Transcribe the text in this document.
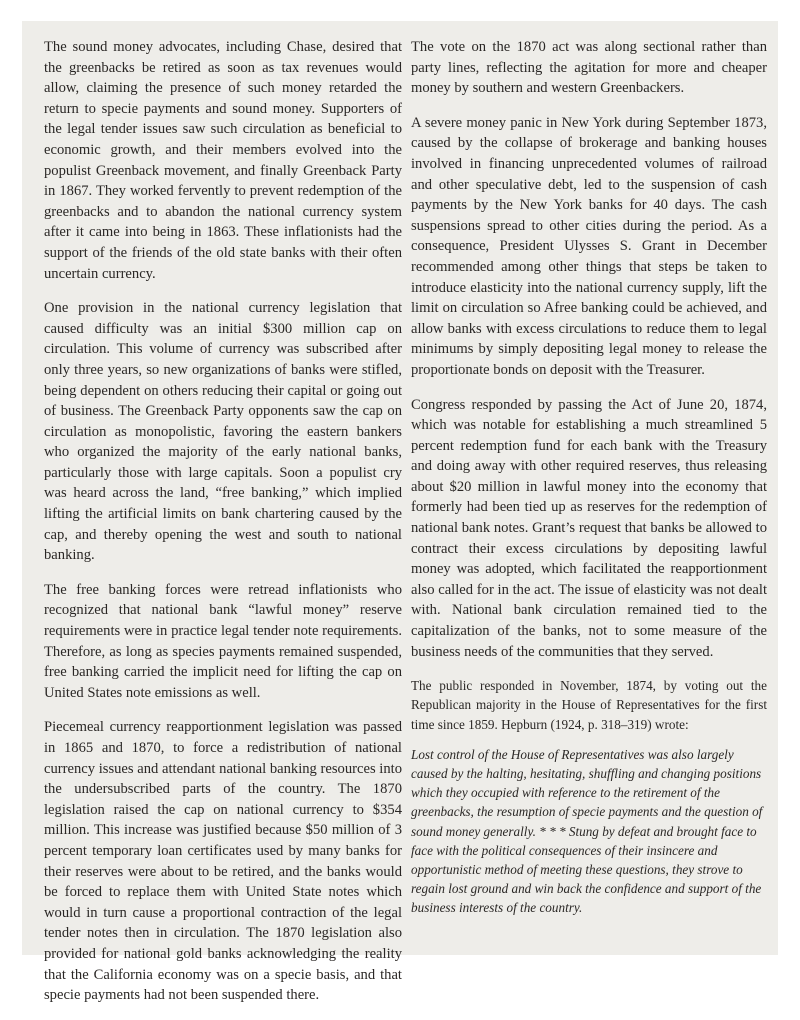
The sound money advocates, including Chase, desired that the greenbacks be retired as soon as tax revenues would allow, claiming the presence of such money retarded the return to specie payments and sound money. Supporters of the legal tender issues saw such circulation as beneficial to economic growth, and their members evolved into the populist Greenback movement, and finally Greenback Party in 1867. They worked fervently to prevent redemption of the greenbacks and to abandon the national currency system after it came into being in 1863. These inflationists had the support of the friends of the old state banks with their often uncertain currency.

One provision in the national currency legislation that caused difficulty was an initial $300 million cap on circulation. This volume of currency was subscribed after only three years, so new organizations of banks were stifled, being dependent on others reducing their capital or going out of business. The Greenback Party opponents saw the cap on circulation as monopolistic, favoring the eastern bankers who organized the majority of the early national banks, particularly those with large capitals. Soon a populist cry was heard across the land, “free banking,” which implied lifting the artificial limits on bank chartering caused by the cap, and thereby opening the west and south to national banking.

The free banking forces were retread inflationists who recognized that national bank “lawful money” reserve requirements were in practice legal tender note requirements. Therefore, as long as species payments remained suspended, free banking carried the implicit need for lifting the cap on United States note emissions as well.

Piecemeal currency reapportionment legislation was passed in 1865 and 1870, to force a redistribution of national currency issues and attendant national banking resources into the undersubscribed parts of the country. The 1870 legislation raised the cap on national currency to $354 million. This increase was justified because $50 million of 3 percent temporary loan certificates used by many banks for their reserves were about to be retired, and the banks would be forced to replace them with United State notes which would in turn cause a proportional contraction of the legal tender notes then in circulation. The 1870 legislation also provided for national gold banks acknowledging the reality that the California economy was on a specie basis, and that specie payments had not been suspended there.

The vote on the 1870 act was along sectional rather than party lines, reflecting the agitation for more and cheaper money by southern and western Greenbackers.

A severe money panic in New York during September 1873, caused by the collapse of brokerage and banking houses involved in financing unprecedented volumes of railroad and other speculative debt, led to the suspension of cash payments by the New York banks for 40 days. The cash suspensions spread to other cities during the period. As a consequence, President Ulysses S. Grant in December recommended among other things that steps be taken to introduce elasticity into the national currency supply, lift the limit on circulation so Afree banking could be achieved, and allow banks with excess circulations to reduce them to legal minimums by simply depositing legal money to release the proportionate bonds on deposit with the Treasurer.

Congress responded by passing the Act of June 20, 1874, which was notable for establishing a much streamlined 5 percent redemption fund for each bank with the Treasury and doing away with other required reserves, thus releasing about $20 million in lawful money into the economy that formerly had been tied up as reserves for the redemption of national bank notes. Grant’s request that banks be allowed to contract their excess circulations by depositing lawful money was adopted, which facilitated the reapportionment also called for in the act. The issue of elasticity was not dealt with. National bank circulation remained tied to the capitalization of the banks, not to some measure of the business needs of the communities that they served.

The public responded in November, 1874, by voting out the Republican majority in the House of Representatives for the first time since 1859. Hepburn (1924, p. 318–319) wrote:

Lost control of the House of Representatives was also largely caused by the halting, hesitating, shuffling and changing positions which they occupied with reference to the retirement of the greenbacks, the resumption of specie payments and the question of sound money generally. * * * Stung by defeat and brought face to face with the political consequences of their insincere and opportunistic method of meeting these questions, they strove to regain lost ground and win back the confidence and support of the business interests of the country.
